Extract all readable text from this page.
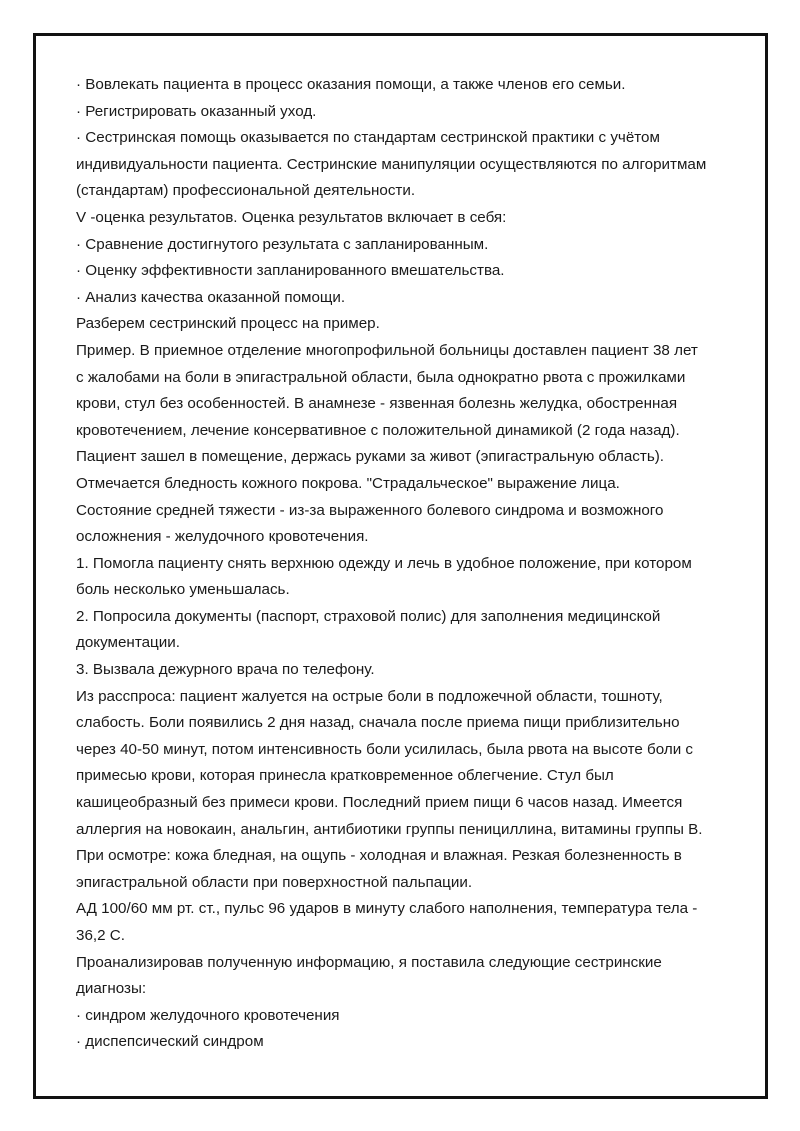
· Вовлекать пациента в процесс оказания помощи, а также членов его семьи.
· Регистрировать оказанный уход.
· Сестринская помощь оказывается по стандартам сестринской практики с учётом
индивидуальности пациента. Сестринские манипуляции осуществляются по алгоритмам
(стандартам) профессиональной деятельности.
V -оценка результатов. Оценка результатов включает в себя:
· Сравнение достигнутого результата с запланированным.
· Оценку эффективности запланированного вмешательства.
· Анализ качества оказанной помощи.
Разберем сестринский процесс на пример.
Пример. В приемное отделение многопрофильной больницы доставлен пациент 38 лет
с жалобами на боли в эпигастральной области, была однократно рвота с прожилками
крови, стул без особенностей. В анамнезе - язвенная болезнь желудка, обостренная
кровотечением, лечение консервативное с положительной динамикой (2 года назад).
Пациент зашел в помещение, держась руками за живот (эпигастральную область).
Отмечается бледность кожного покрова. "Страдальческое" выражение лица.
Состояние средней тяжести - из-за выраженного болевого синдрома и возможного
осложнения - желудочного кровотечения.
1. Помогла пациенту снять верхнюю одежду и лечь в удобное положение, при котором
боль несколько уменьшалась.
2. Попросила документы (паспорт, страховой полис) для заполнения медицинской
документации.
3. Вызвала дежурного врача по телефону.
Из расспроса: пациент жалуется на острые боли в подложечной области, тошноту,
слабость. Боли появились 2 дня назад, сначала после приема пищи приблизительно
через 40-50 минут, потом интенсивность боли усилилась, была рвота на высоте боли с
примесью крови, которая принесла кратковременное облегчение. Стул был
кашицеобразный без примеси крови. Последний прием пищи 6 часов назад. Имеется
аллергия на новокаин, анальгин, антибиотики группы пенициллина, витамины группы В.
При осмотре: кожа бледная, на ощупь - холодная и влажная. Резкая болезненность в
эпигастральной области при поверхностной пальпации.
АД 100/60 мм рт. ст., пульс 96 ударов в минуту слабого наполнения, температура тела -
36,2 С.
Проанализировав полученную информацию, я поставила следующие сестринские
диагнозы:
· синдром желудочного кровотечения
· диспепсический синдром
